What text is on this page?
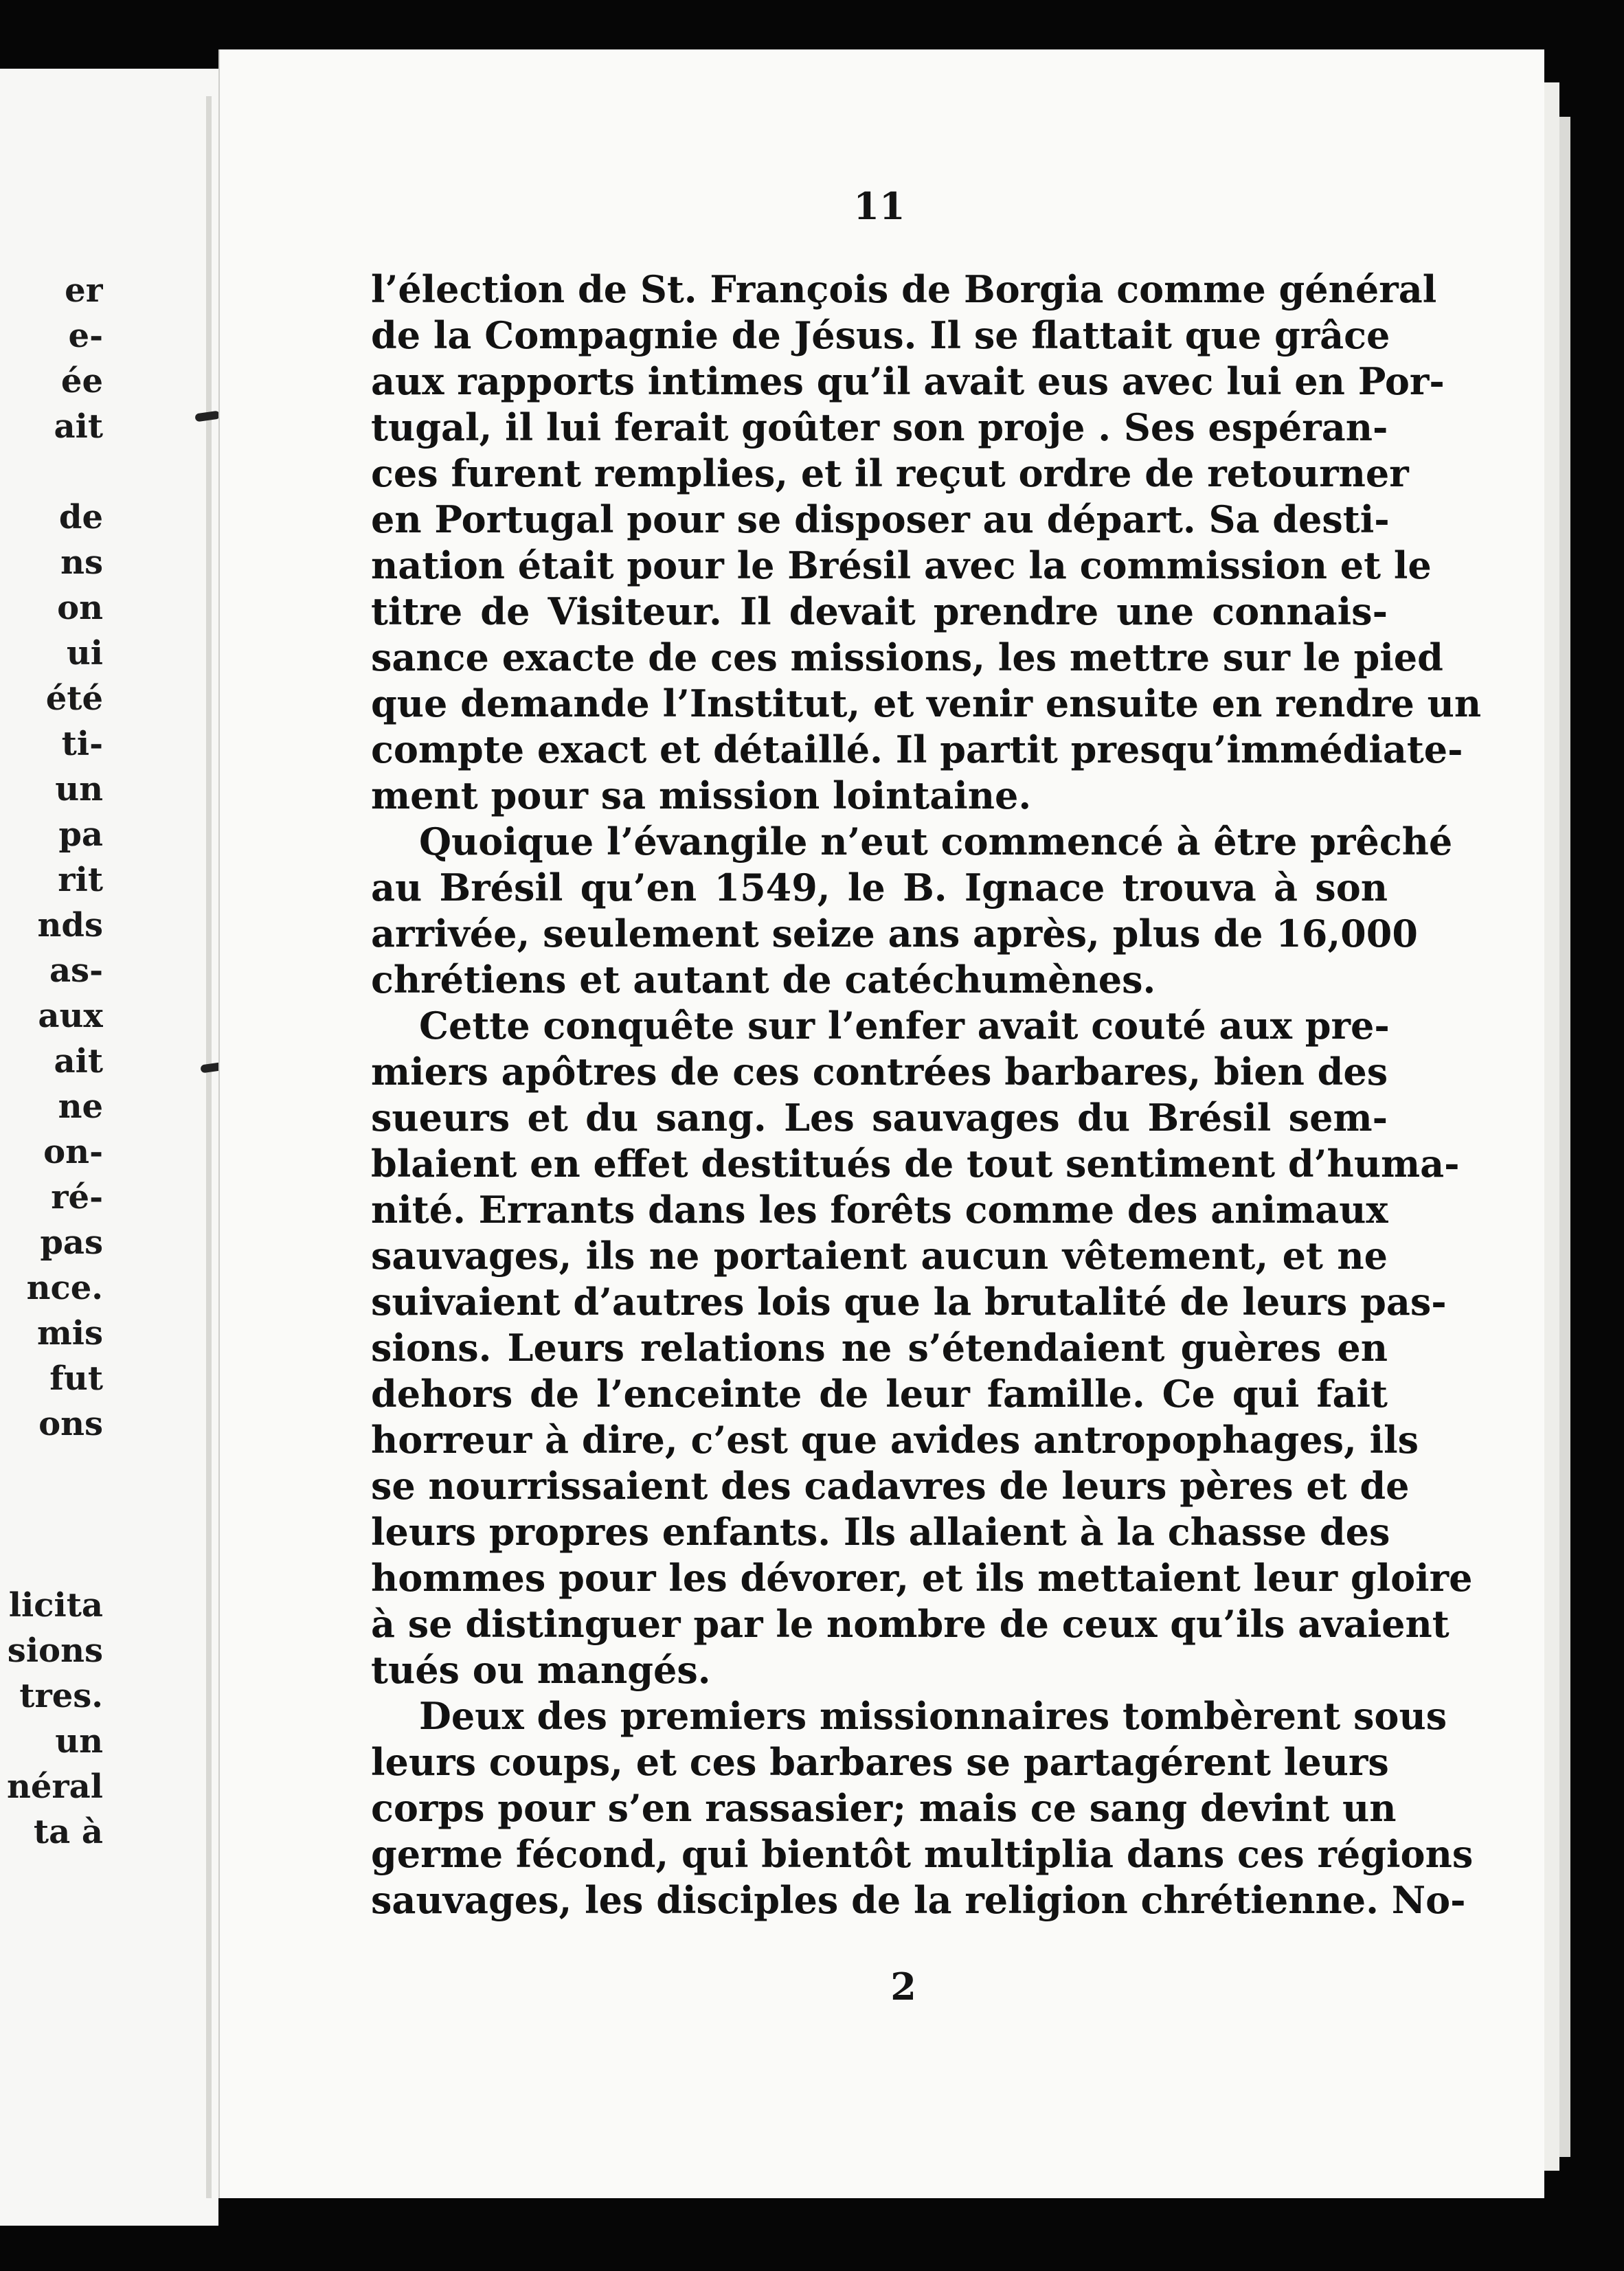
er
e-
ée
ait
de
ns
on
ui
été
ti-
un
pa
rit
nds
as-
aux
ait
ne
on-
ré-
pas
nce.
mis
fut
ons
licita
sions
tres.
un
néral
ta à
11
l’élection de St. François de Borgia comme général
de la Compagnie de Jésus. Il se flattait que grâce
aux rapports intimes qu’il avait eus avec lui en Por-
tugal, il lui ferait goûter son proje . Ses espéran-
ces furent remplies, et il reçut ordre de retourner
en Portugal pour se disposer au départ. Sa desti-
nation était pour le Brésil avec la commission et le
titre de Visiteur. Il devait prendre une connais-
sance exacte de ces missions, les mettre sur le pied
que demande l’Institut, et venir ensuite en rendre un
compte exact et détaillé. Il partit presqu’immédiate-
ment pour sa mission lointaine.
Quoique l’évangile n’eut commencé à être prêché
au Brésil qu’en 1549, le B. Ignace trouva à son
arrivée, seulement seize ans après, plus de 16,000
chrétiens et autant de catéchumènes.
Cette conquête sur l’enfer avait couté aux pre-
miers apôtres de ces contrées barbares, bien des
sueurs et du sang. Les sauvages du Brésil sem-
blaient en effet destitués de tout sentiment d’huma-
nité. Errants dans les forêts comme des animaux
sauvages, ils ne portaient aucun vêtement, et ne
suivaient d’autres lois que la brutalité de leurs pas-
sions. Leurs relations ne s’étendaient guères en
dehors de l’enceinte de leur famille. Ce qui fait
horreur à dire, c’est que avides antropophages, ils
se nourrissaient des cadavres de leurs pères et de
leurs propres enfants. Ils allaient à la chasse des
hommes pour les dévorer, et ils mettaient leur gloire
à se distinguer par le nombre de ceux qu’ils avaient
tués ou mangés.
Deux des premiers missionnaires tombèrent sous
leurs coups, et ces barbares se partagérent leurs
corps pour s’en rassasier; mais ce sang devint un
germe fécond, qui bientôt multiplia dans ces régions
sauvages, les disciples de la religion chrétienne. No-
2
